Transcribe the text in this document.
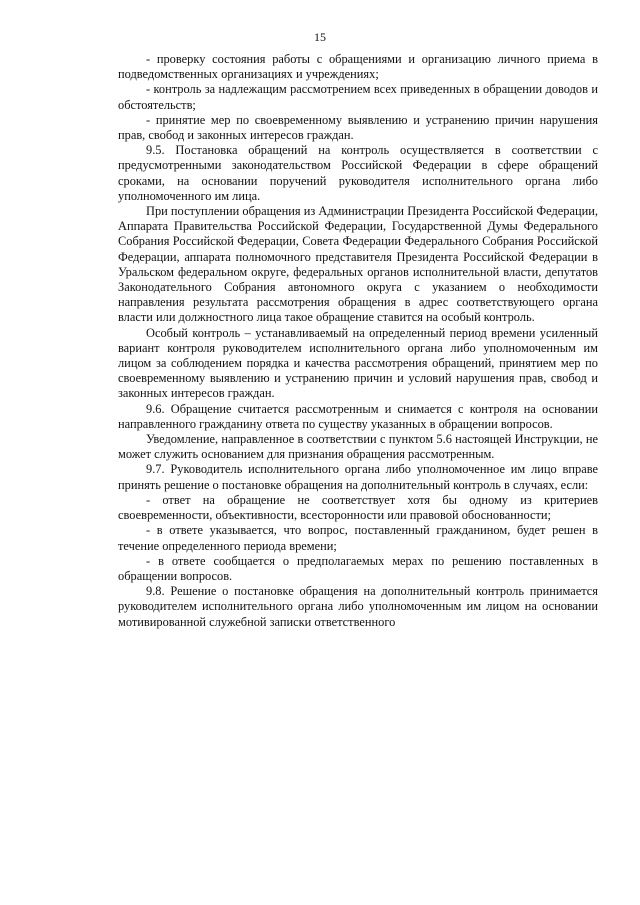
15

- проверку состояния работы с обращениями и организацию личного приема в подведомственных организациях и учреждениях;

- контроль за надлежащим рассмотрением всех приведенных в обращении доводов и обстоятельств;

- принятие мер по своевременному выявлению и устранению причин нарушения прав, свобод и законных интересов граждан.

9.5. Постановка обращений на контроль осуществляется в соответствии с предусмотренными законодательством Российской Федерации в сфере обращений сроками, на основании поручений руководителя исполнительного органа либо уполномоченного им лица.

При поступлении обращения из Администрации Президента Российской Федерации, Аппарата Правительства Российской Федерации, Государственной Думы Федерального Собрания Российской Федерации, Совета Федерации Федерального Собрания Российской Федерации, аппарата полномочного представителя Президента Российской Федерации в Уральском федеральном округе, федеральных органов исполнительной власти, депутатов Законодательного Собрания автономного округа с указанием о необходимости направления результата рассмотрения обращения в адрес соответствующего органа власти или должностного лица такое обращение ставится на особый контроль.

Особый контроль – устанавливаемый на определенный период времени усиленный вариант контроля руководителем исполнительного органа либо уполномоченным им лицом за соблюдением порядка и качества рассмотрения обращений, принятием мер по своевременному выявлению и устранению причин и условий нарушения прав, свобод и законных интересов граждан.

9.6. Обращение считается рассмотренным и снимается с контроля на основании направленного гражданину ответа по существу указанных в обращении вопросов.

Уведомление, направленное в соответствии с пунктом 5.6 настоящей Инструкции, не может служить основанием для признания обращения рассмотренным.

9.7. Руководитель исполнительного органа либо уполномоченное им лицо вправе принять решение о постановке обращения на дополнительный контроль в случаях, если:

- ответ на обращение не соответствует хотя бы одному из критериев своевременности, объективности, всесторонности или правовой обоснованности;

- в ответе указывается, что вопрос, поставленный гражданином, будет решен в течение определенного периода времени;

- в ответе сообщается о предполагаемых мерах по решению поставленных в обращении вопросов.

9.8. Решение о постановке обращения на дополнительный контроль принимается руководителем исполнительного органа либо уполномоченным им лицом на основании мотивированной служебной записки ответственного
